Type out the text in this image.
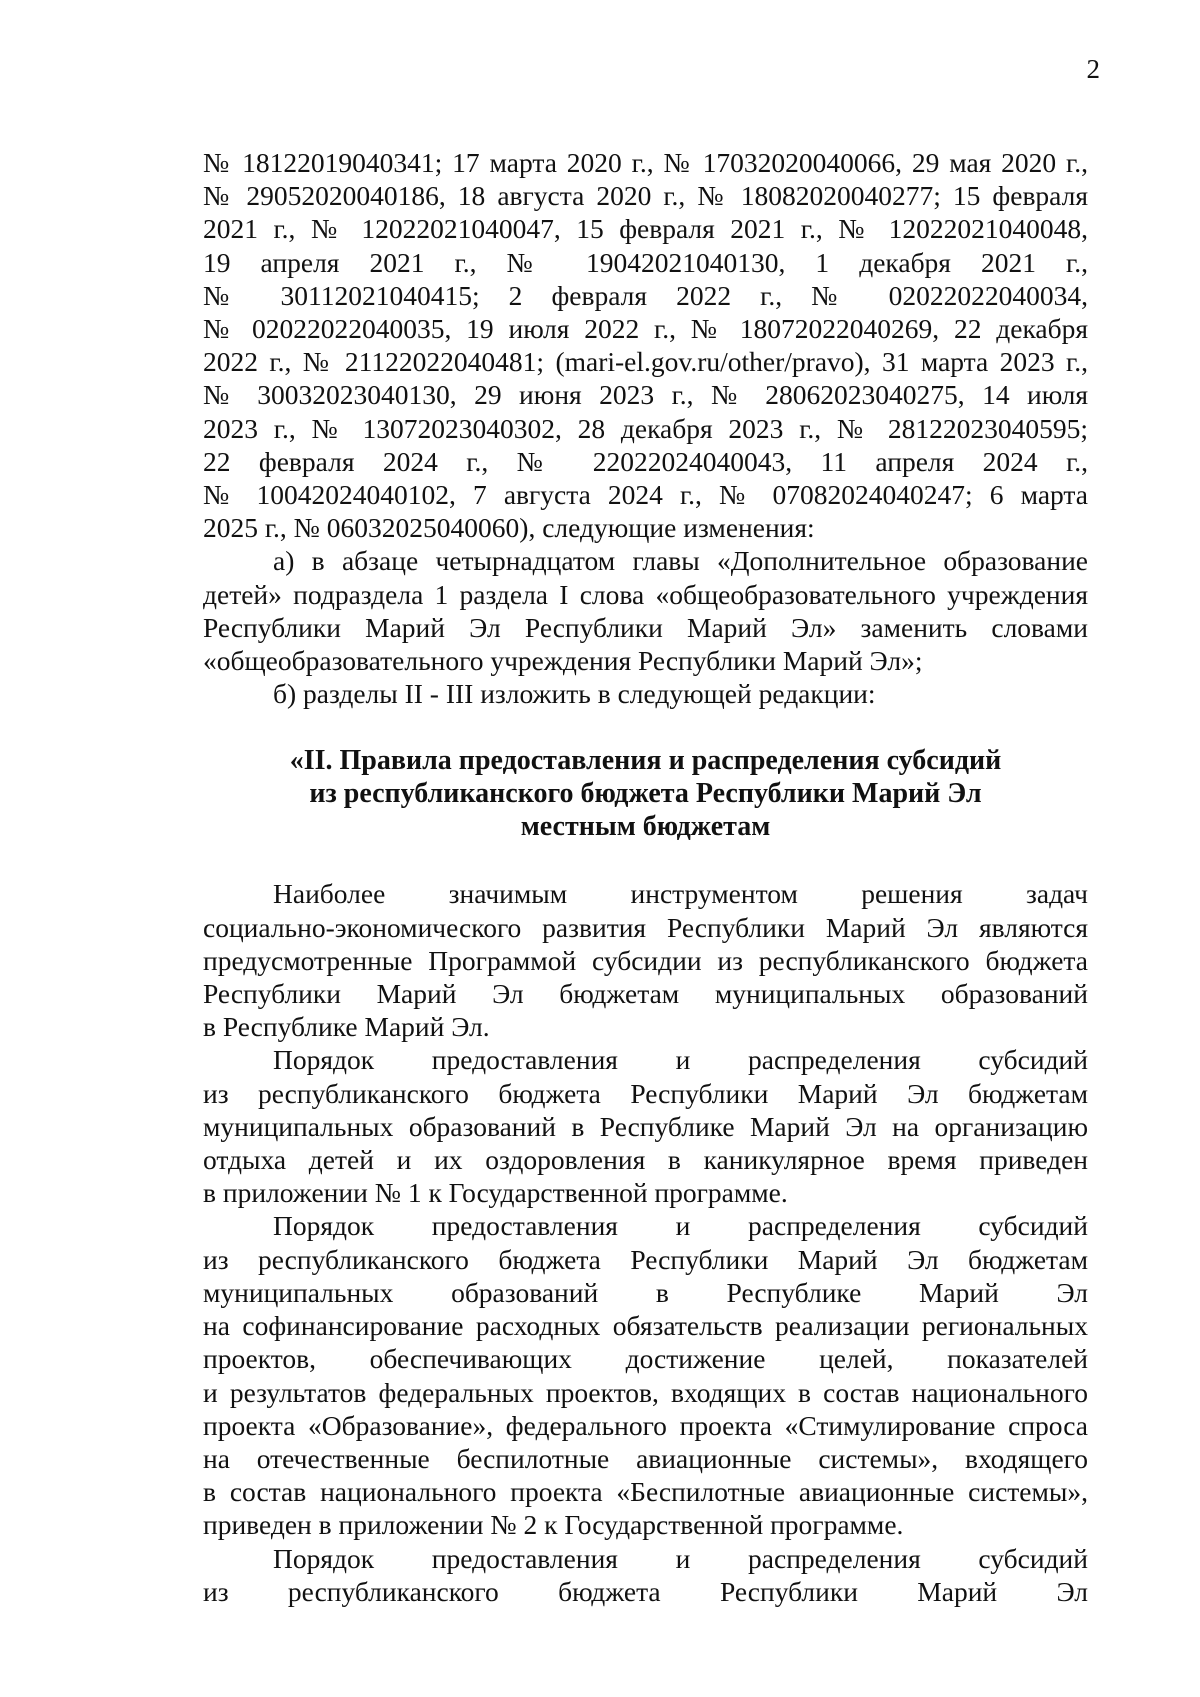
2
№ 18122019040341; 17 марта 2020 г., № 17032020040066, 29 мая 2020 г.,
№ 29052020040186, 18 августа 2020 г., № 18082020040277; 15 февраля
2021 г., № 12022021040047, 15 февраля 2021 г., № 12022021040048,
19 апреля 2021 г., № 19042021040130, 1 декабря 2021 г.,
№ 30112021040415; 2 февраля 2022 г., № 02022022040034,
№ 02022022040035, 19 июля 2022 г., № 18072022040269, 22 декабря
2022 г., № 21122022040481; (mari-el.gov.ru/other/pravo), 31 марта 2023 г.,
№ 30032023040130, 29 июня 2023 г., № 28062023040275, 14 июля
2023 г., № 13072023040302, 28 декабря 2023 г., № 28122023040595;
22 февраля 2024 г., № 22022024040043, 11 апреля 2024 г.,
№ 10042024040102, 7 августа 2024 г., № 07082024040247; 6 марта
2025 г., № 06032025040060), следующие изменения:
а) в абзаце четырнадцатом главы «Дополнительное образование
детей» подраздела 1 раздела I слова «общеобразовательного учреждения
Республики Марий Эл Республики Марий Эл» заменить словами
«общеобразовательного учреждения Республики Марий Эл»;
б) разделы II - III изложить в следующей редакции:
«II. Правила предоставления и распределения субсидий
из республиканского бюджета Республики Марий Эл
местным бюджетам
Наиболее значимым инструментом решения задач
социально-экономического развития Республики Марий Эл являются
предусмотренные Программой субсидии из республиканского бюджета
Республики Марий Эл бюджетам муниципальных образований
в Республике Марий Эл.
Порядок предоставления и распределения субсидий
из республиканского бюджета Республики Марий Эл бюджетам
муниципальных образований в Республике Марий Эл на организацию
отдыха детей и их оздоровления в каникулярное время приведен
в приложении № 1 к Государственной программе.
Порядок предоставления и распределения субсидий
из республиканского бюджета Республики Марий Эл бюджетам
муниципальных образований в Республике Марий Эл
на софинансирование расходных обязательств реализации региональных
проектов, обеспечивающих достижение целей, показателей
и результатов федеральных проектов, входящих в состав национального
проекта «Образование», федерального проекта «Стимулирование спроса
на отечественные беспилотные авиационные системы», входящего
в состав национального проекта «Беспилотные авиационные системы»,
приведен в приложении № 2 к Государственной программе.
Порядок предоставления и распределения субсидий
из республиканского бюджета Республики Марий Эл
